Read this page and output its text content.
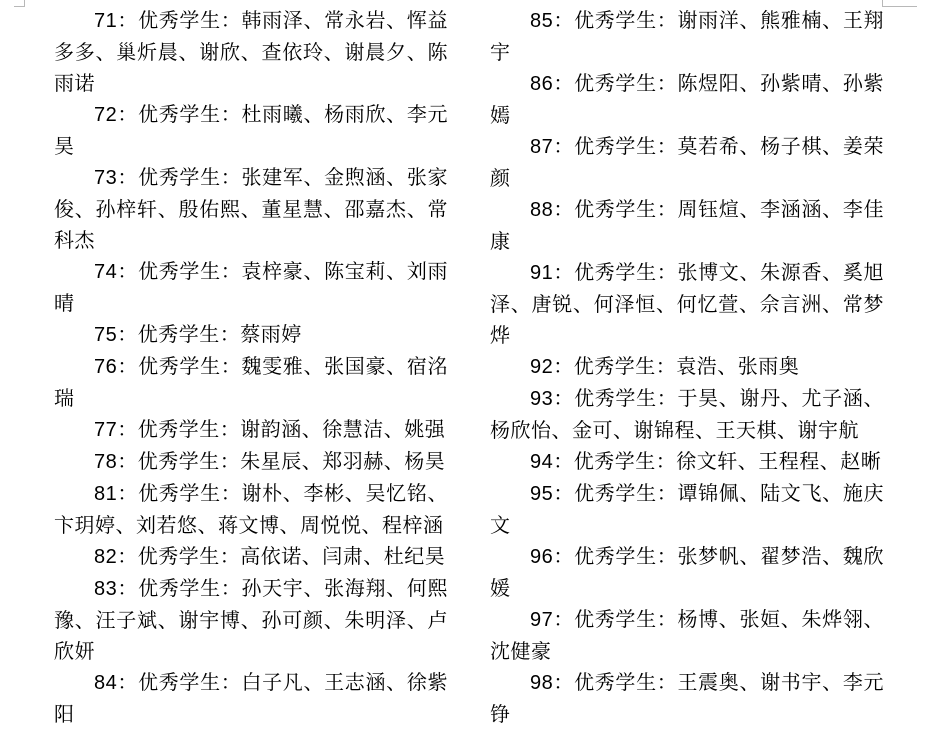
71：优秀学生：韩雨泽、常永岩、恽益多多、巢炘晨、谢欣、查依玲、谢晨夕、陈雨诺

72：优秀学生：杜雨曦、杨雨欣、李元昊

73：优秀学生：张建军、金煦涵、张家俊、孙梓轩、殷佑熙、董星慧、邵嘉杰、常科杰

74：优秀学生：袁梓豪、陈宝莉、刘雨晴

75：优秀学生：蔡雨婷

76：优秀学生：魏雯雅、张国豪、宿洺瑞

77：优秀学生：谢韵涵、徐慧洁、姚强

78：优秀学生：朱星辰、郑羽赫、杨昊

81：优秀学生：谢朴、李彬、吴忆铭、卞玥婷、刘若悠、蒋文博、周悦悦、程梓涵

82：优秀学生：高依诺、闫肃、杜纪昊

83：优秀学生：孙天宇、张海翔、何熙豫、汪子斌、谢宇博、孙可颜、朱明泽、卢欣妍

84：优秀学生：白子凡、王志涵、徐紫阳

85：优秀学生：谢雨洋、熊雅楠、王翔宇

86：优秀学生：陈煜阳、孙紫晴、孙紫嫣

87：优秀学生：莫若希、杨子棋、姜荣颜

88：优秀学生：周钰煊、李涵涵、李佳康

91：优秀学生：张博文、朱源香、奚旭泽、唐锐、何泽恒、何忆萱、佘言洲、常梦烨

92：优秀学生：袁浩、张雨奥

93：优秀学生：于昊、谢丹、尤子涵、杨欣怡、金可、谢锦程、王天棋、谢宇航

94：优秀学生：徐文轩、王程程、赵晰

95：优秀学生：谭锦佩、陆文飞、施庆文

96：优秀学生：张梦帆、翟梦浩、魏欣媛

97：优秀学生：杨博、张姮、朱烨翎、沈健豪

98：优秀学生：王震奥、谢书宇、李元铮
